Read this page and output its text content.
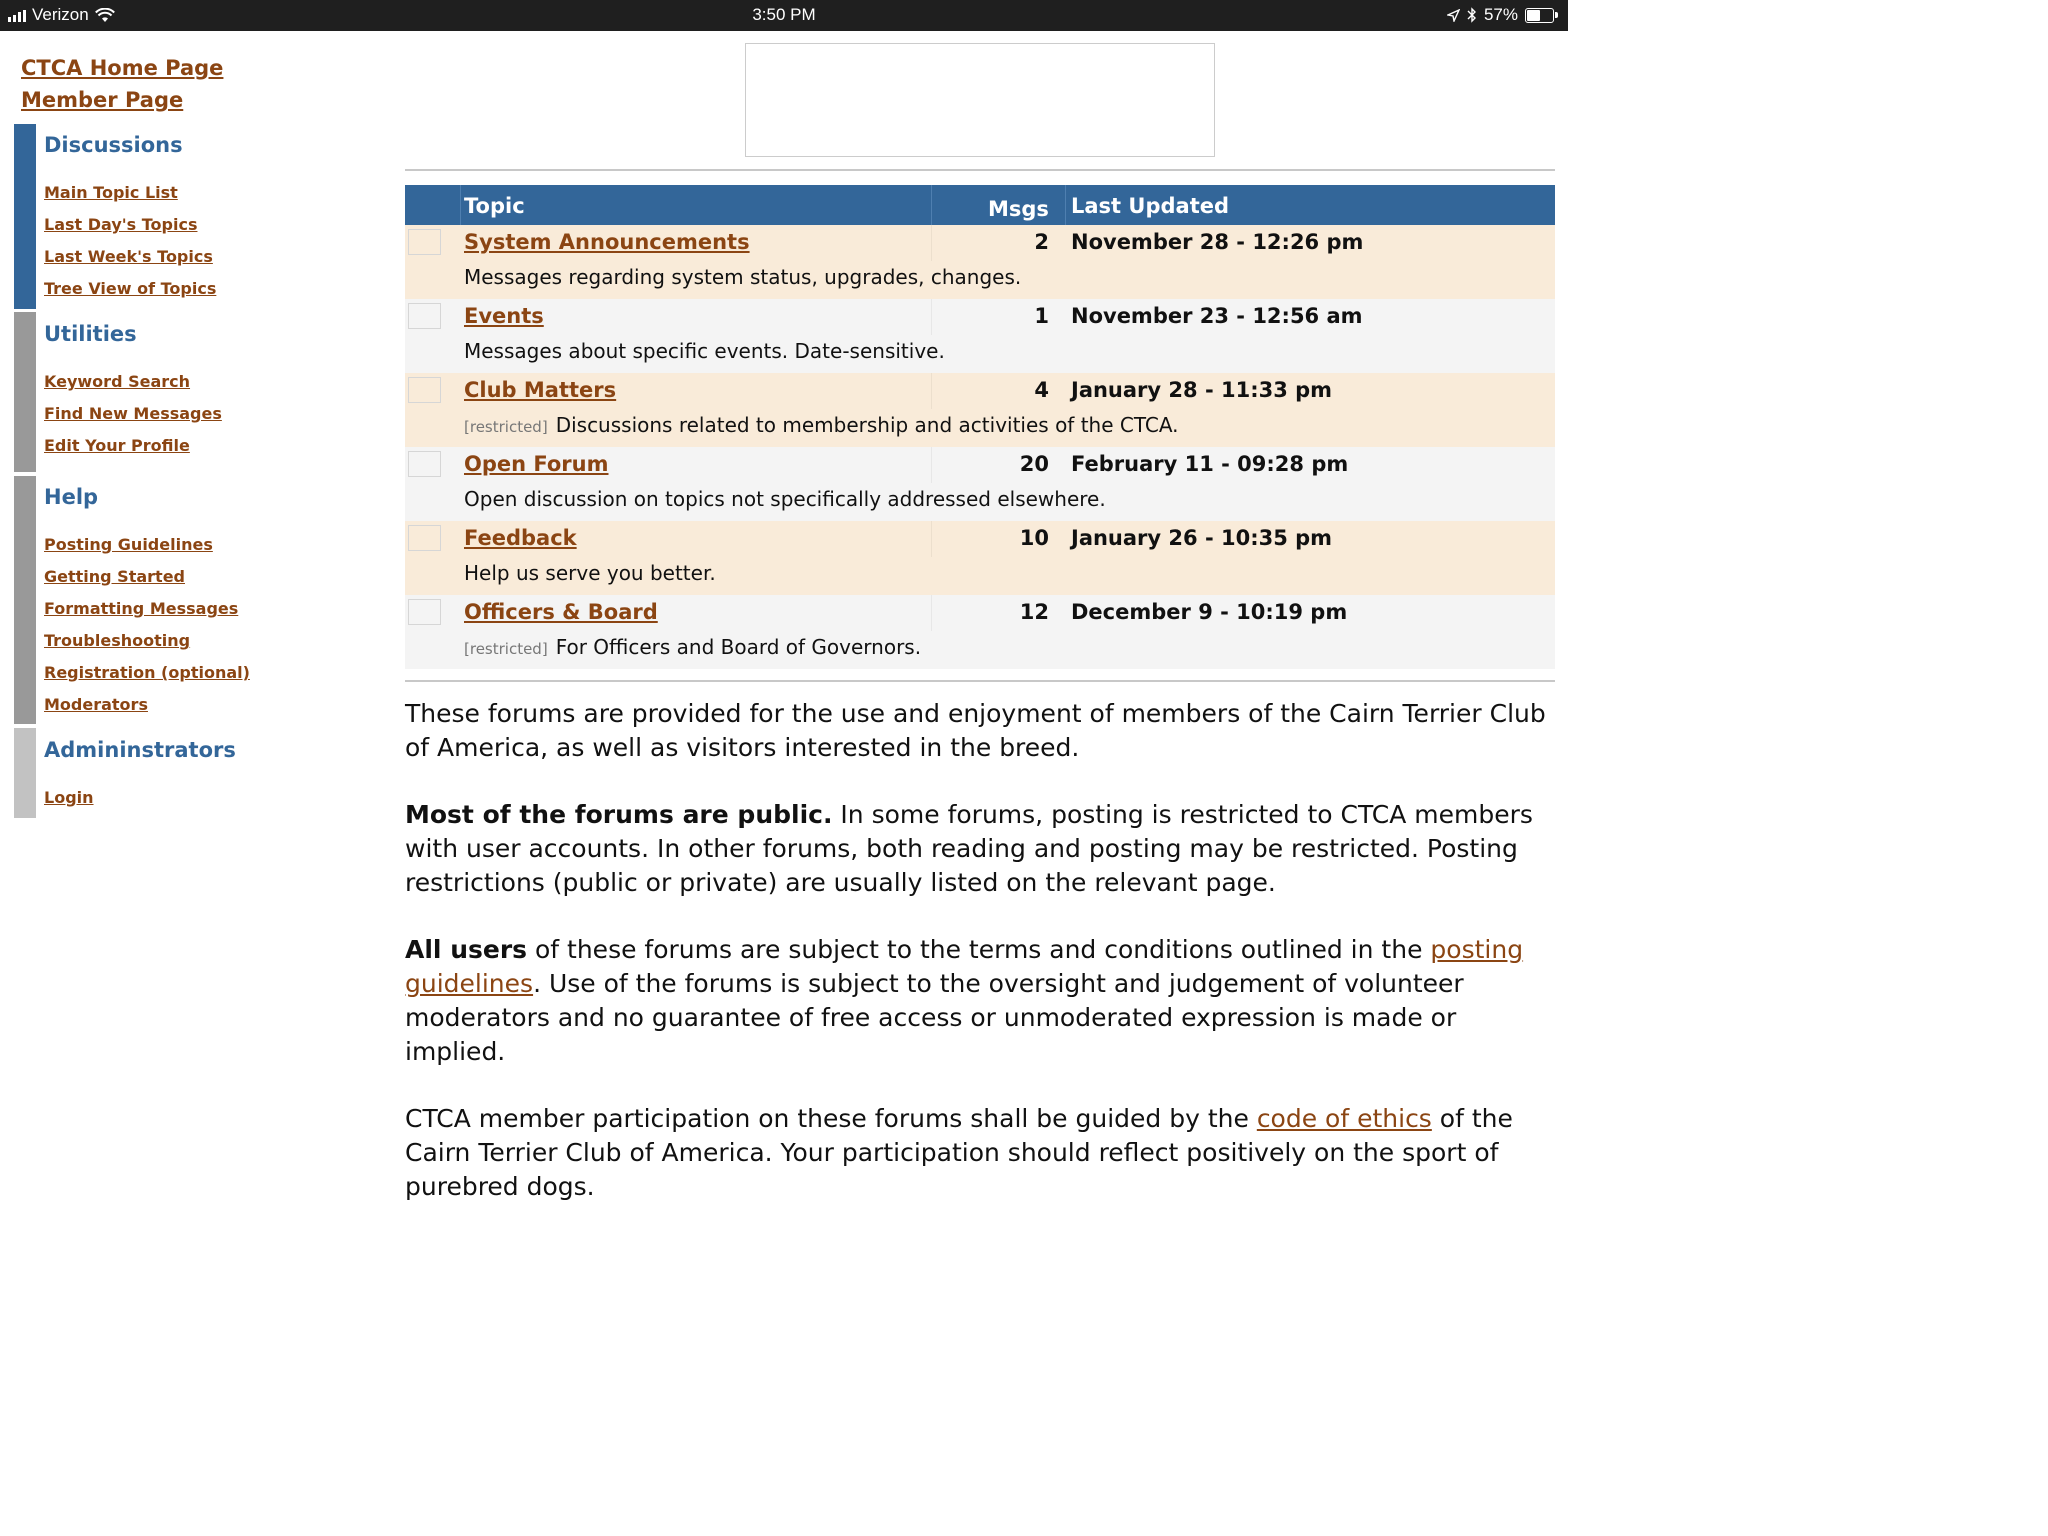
Verizon	3:50 PM	57%
CTCA Home Page
Member Page
Discussions
Main Topic List
Last Day's Topics
Last Week's Topics
Tree View of Topics
Utilities
Keyword Search
Find New Messages
Edit Your Profile
Help
Posting Guidelines
Getting Started
Formatting Messages
Troubleshooting
Registration (optional)
Moderators
Admininstrators
Login
Topic	Msgs Last Updated
System Announcements	2 November 28 - 12:26 pm
Messages regarding system status, upgrades, changes.
Events	1 November 23 - 12:56 am
Messages about specific events. Date-sensitive.
Club Matters	4 January 28 - 11:33 pm
[restricted] Discussions related to membership and activities of the CTCA.
Open Forum	20 February 11 - 09:28 pm
Open discussion on topics not specifically addressed elsewhere.
Feedback	10 January 26 - 10:35 pm
Help us serve you better.
Officers & Board	12 December 9 - 10:19 pm
[restricted] For Officers and Board of Governors.

These forums are provided for the use and enjoyment of members of the Cairn Terrier Club of America, as well as visitors interested in the breed.

Most of the forums are public. In some forums, posting is restricted to CTCA members with user accounts. In other forums, both reading and posting may be restricted. Posting restrictions (public or private) are usually listed on the relevant page.

All users of these forums are subject to the terms and conditions outlined in the posting guidelines. Use of the forums is subject to the oversight and judgement of volunteer moderators and no guarantee of free access or unmoderated expression is made or implied.

CTCA member participation on these forums shall be guided by the code of ethics of the Cairn Terrier Club of America. Your participation should reflect positively on the sport of purebred dogs.
